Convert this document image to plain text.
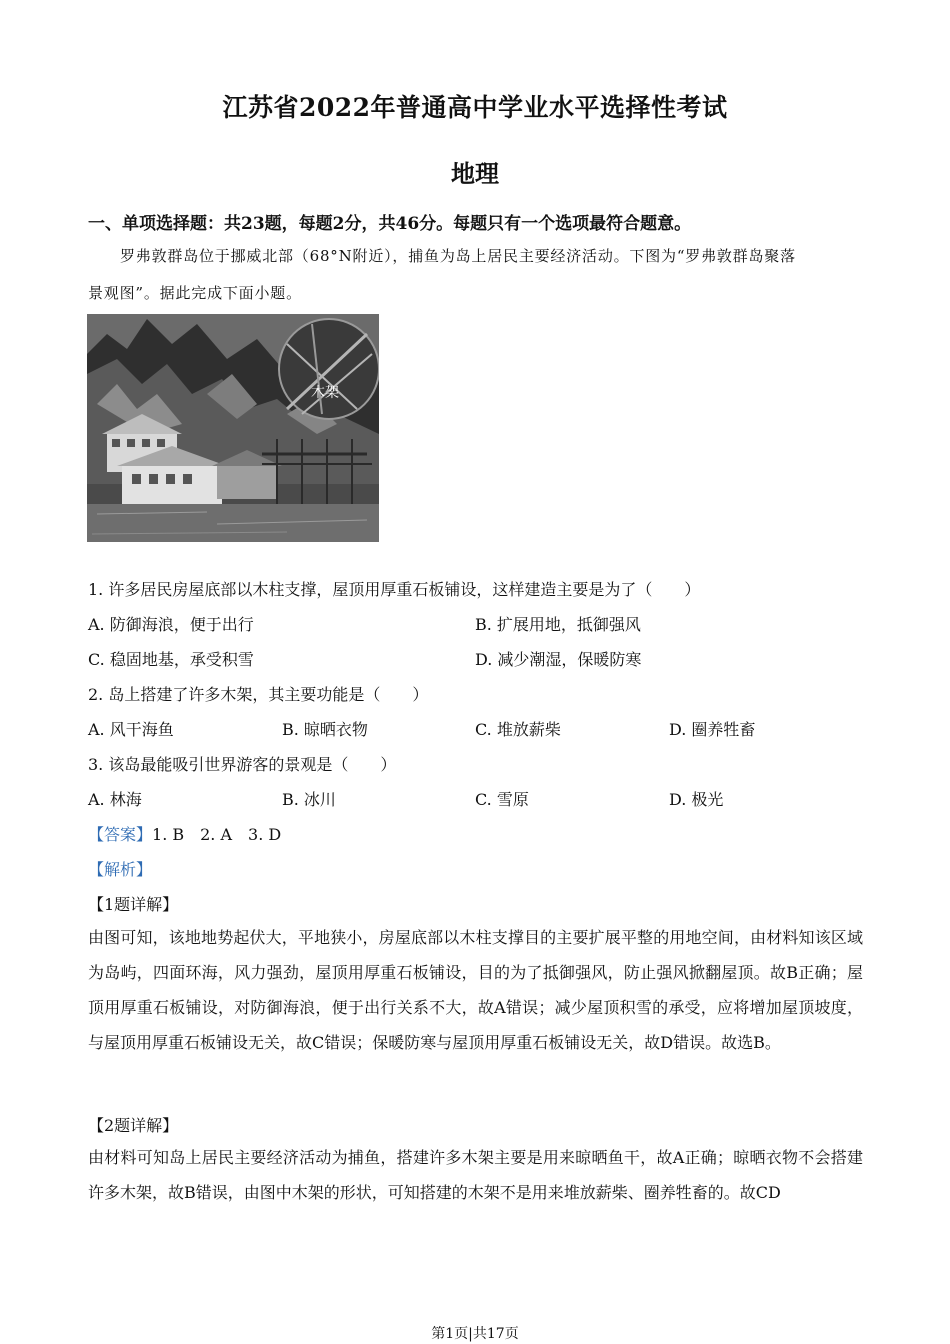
江苏省2022年普通高中学业水平选择性考试
地理
一、单项选择题：共23题，每题2分，共46分。每题只有一个选项最符合题意。
罗弗敦群岛位于挪威北部（68°N附近），捕鱼为岛上居民主要经济活动。下图为“罗弗敦群岛聚落
景观图”。据此完成下面小题。
木架
1. 许多居民房屋底部以木柱支撑，屋顶用厚重石板铺设，这样建造主要是为了（　　）
A. 防御海浪，便于出行	B. 扩展用地，抵御强风
C. 稳固地基，承受积雪	D. 减少潮湿，保暖防寒
2. 岛上搭建了许多木架，其主要功能是（　　）
A. 风干海鱼	B. 晾晒衣物	C. 堆放薪柴	D. 圈养牲畜
3. 该岛最能吸引世界游客的景观是（　　）
A. 林海	B. 冰川	C. 雪原	D. 极光
【答案】1. B　2. A　3. D
【解析】
【1题详解】
由图可知，该地地势起伏大，平地狭小，房屋底部以木柱支撑目的主要扩展平整的用地空间，由材料知该区域为岛屿，四面环海，风力强劲，屋顶用厚重石板铺设，目的为了抵御强风，防止强风掀翻屋顶。故B正确；屋顶用厚重石板铺设，对防御海浪，便于出行关系不大，故A错误；减少屋顶积雪的承受，应将增加屋顶坡度，与屋顶用厚重石板铺设无关，故C错误；保暖防寒与屋顶用厚重石板铺设无关，故D错误。故选B。
【2题详解】
由材料可知岛上居民主要经济活动为捕鱼，搭建许多木架主要是用来晾晒鱼干，故A正确；晾晒衣物不会搭建许多木架，故B错误，由图中木架的形状，可知搭建的木架不是用来堆放薪柴、圈养牲畜的。故CD
第1页|共17页
